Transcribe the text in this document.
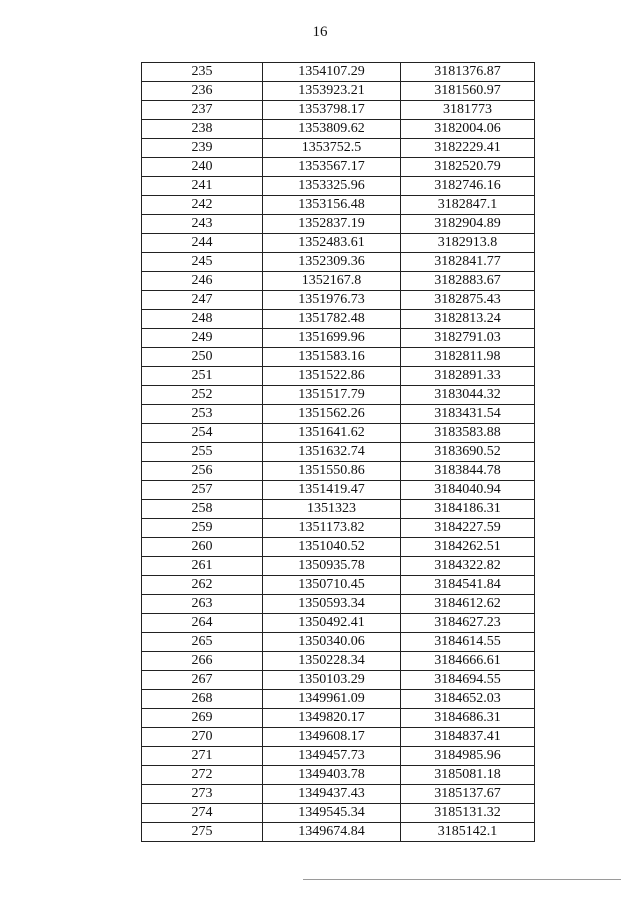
16
235	1354107.29	3181376.87
236	1353923.21	3181560.97
237	1353798.17	3181773
238	1353809.62	3182004.06
239	1353752.5	3182229.41
240	1353567.17	3182520.79
241	1353325.96	3182746.16
242	1353156.48	3182847.1
243	1352837.19	3182904.89
244	1352483.61	3182913.8
245	1352309.36	3182841.77
246	1352167.8	3182883.67
247	1351976.73	3182875.43
248	1351782.48	3182813.24
249	1351699.96	3182791.03
250	1351583.16	3182811.98
251	1351522.86	3182891.33
252	1351517.79	3183044.32
253	1351562.26	3183431.54
254	1351641.62	3183583.88
255	1351632.74	3183690.52
256	1351550.86	3183844.78
257	1351419.47	3184040.94
258	1351323	3184186.31
259	1351173.82	3184227.59
260	1351040.52	3184262.51
261	1350935.78	3184322.82
262	1350710.45	3184541.84
263	1350593.34	3184612.62
264	1350492.41	3184627.23
265	1350340.06	3184614.55
266	1350228.34	3184666.61
267	1350103.29	3184694.55
268	1349961.09	3184652.03
269	1349820.17	3184686.31
270	1349608.17	3184837.41
271	1349457.73	3184985.96
272	1349403.78	3185081.18
273	1349437.43	3185137.67
274	1349545.34	3185131.32
275	1349674.84	3185142.1
